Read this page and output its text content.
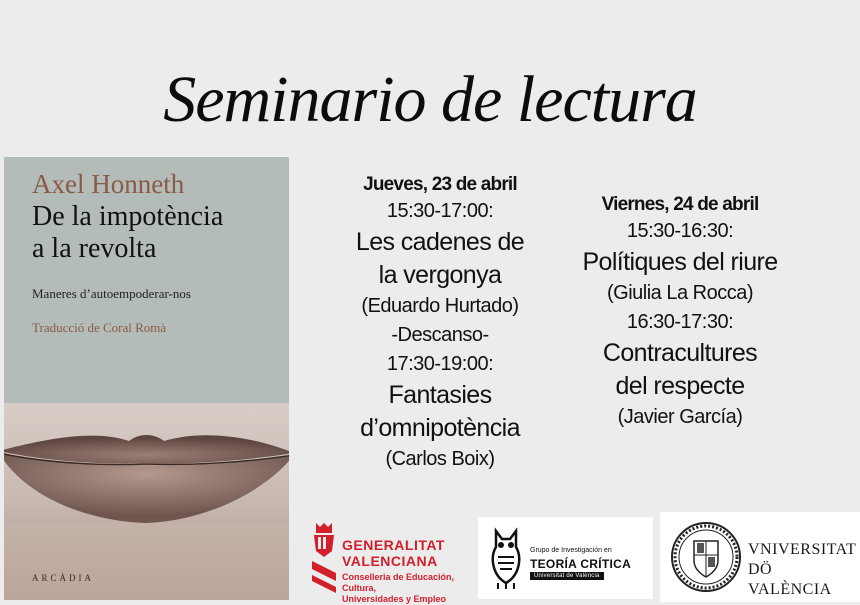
Seminario de lectura
Axel Honneth
De la impotència
a la revolta
Maneres d’autoempoderar-nos
Traducció de Coral Romà
ARCÀDIA
Jueves, 23 de abril
15:30-17:00:
Les cadenes de
la vergonya
(Eduardo Hurtado)
-Descanso-
17:30-19:00:
Fantasies
d’omnipotència
(Carlos Boix)
Viernes, 24 de abril
15:30-16:30:
Polítiques del riure
(Giulia La Rocca)
16:30-17:30:
Contracultures
del respecte
(Javier García)
GENERALITAT
VALENCIANA
Conselleria de Educación, Cultura,
Universidades y Empleo
Grupo de Investigación en
TEORÍA CRÍTICA
Universitat de València
VNIVERSITAT
DÖ VALÈNCIA
